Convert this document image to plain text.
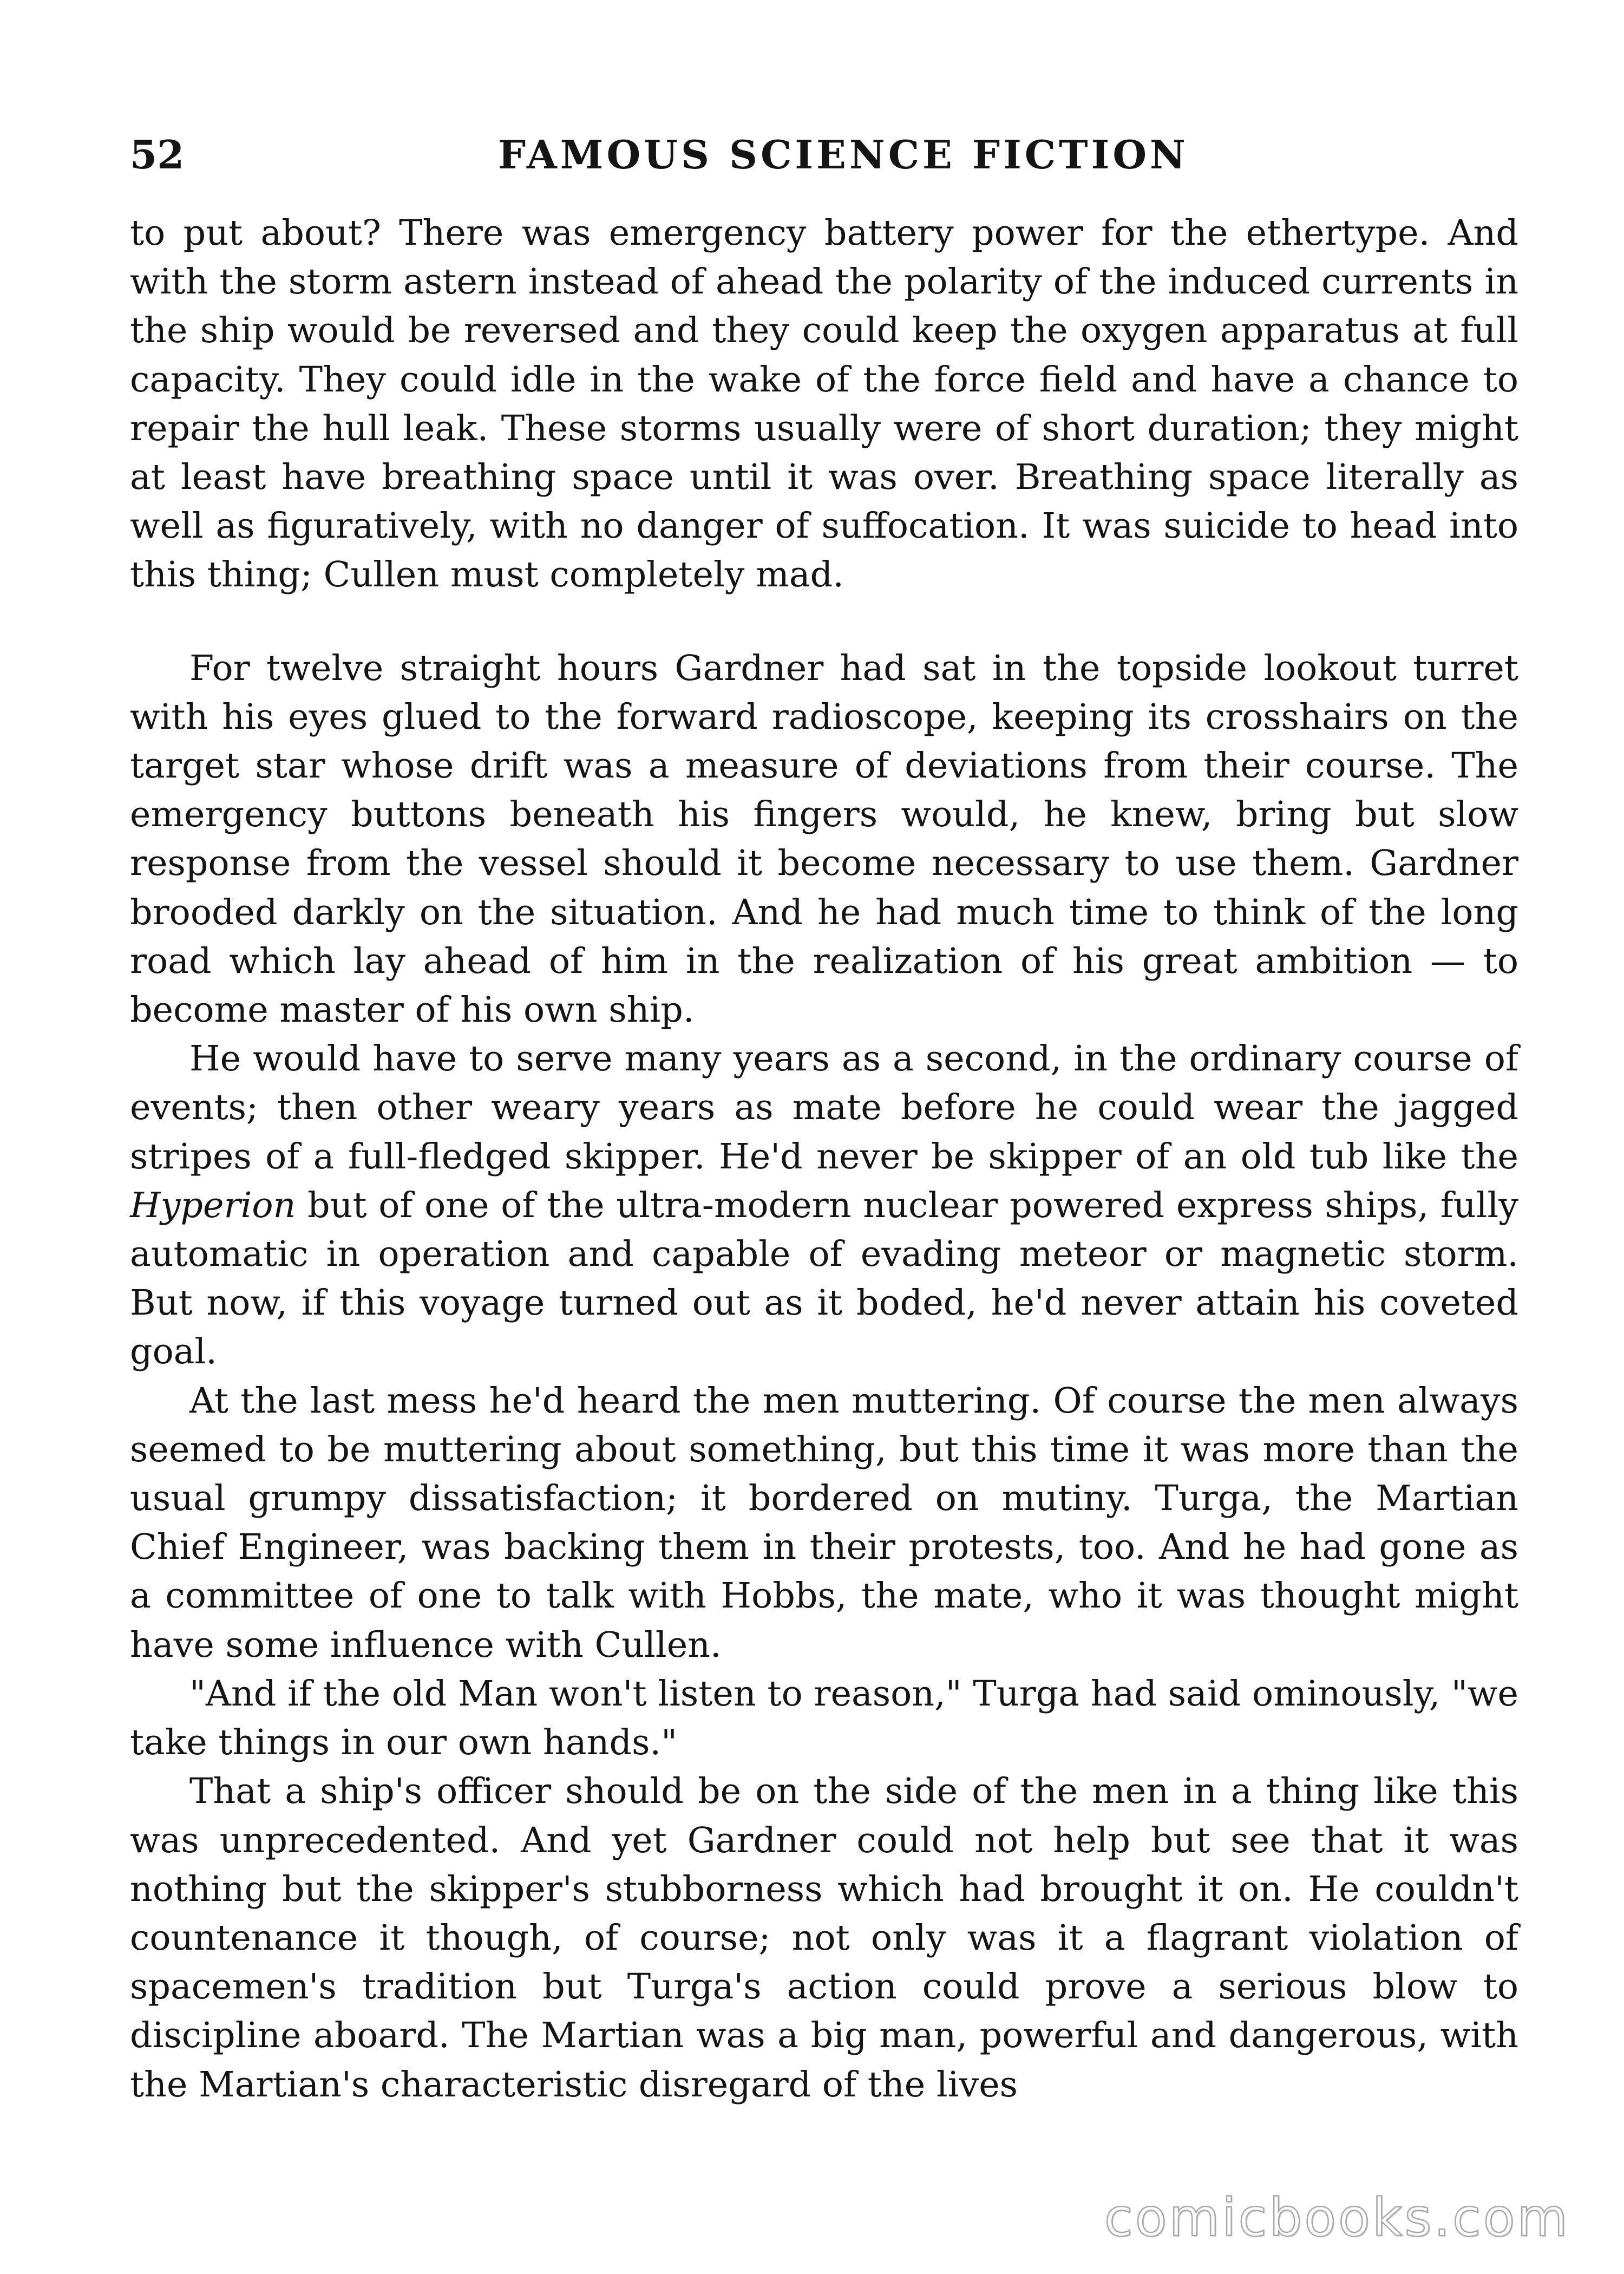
52	FAMOUS SCIENCE FICTION

to put about? There was emergency battery power for the ethertype. And with the storm astern instead of ahead the polarity of the induced currents in the ship would be reversed and they could keep the oxygen apparatus at full capacity. They could idle in the wake of the force field and have a chance to repair the hull leak. These storms usually were of short duration; they might at least have breathing space until it was over. Breathing space literally as well as figuratively, with no danger of suffocation. It was suicide to head into this thing; Cullen must completely mad.

For twelve straight hours Gardner had sat in the topside lookout turret with his eyes glued to the forward radioscope, keeping its crosshairs on the target star whose drift was a measure of deviations from their course. The emergency buttons beneath his fingers would, he knew, bring but slow response from the vessel should it become necessary to use them. Gardner brooded darkly on the situation. And he had much time to think of the long road which lay ahead of him in the realization of his great ambition — to become master of his own ship.

He would have to serve many years as a second, in the ordinary course of events; then other weary years as mate before he could wear the jagged stripes of a full-fledged skipper. He'd never be skipper of an old tub like the Hyperion but of one of the ultra-modern nuclear powered express ships, fully automatic in operation and capable of evading meteor or magnetic storm. But now, if this voyage turned out as it boded, he'd never attain his coveted goal.

At the last mess he'd heard the men muttering. Of course the men always seemed to be muttering about something, but this time it was more than the usual grumpy dissatisfaction; it bordered on mutiny. Turga, the Martian Chief Engineer, was backing them in their protests, too. And he had gone as a committee of one to talk with Hobbs, the mate, who it was thought might have some influence with Cullen.

"And if the old Man won't listen to reason," Turga had said ominously, "we take things in our own hands."

That a ship's officer should be on the side of the men in a thing like this was unprecedented. And yet Gardner could not help but see that it was nothing but the skipper's stubborness which had brought it on. He couldn't countenance it though, of course; not only was it a flagrant violation of spacemen's tradition but Turga's action could prove a serious blow to discipline aboard. The Martian was a big man, powerful and dangerous, with the Martian's characteristic disregard of the lives

comicbooks.com
